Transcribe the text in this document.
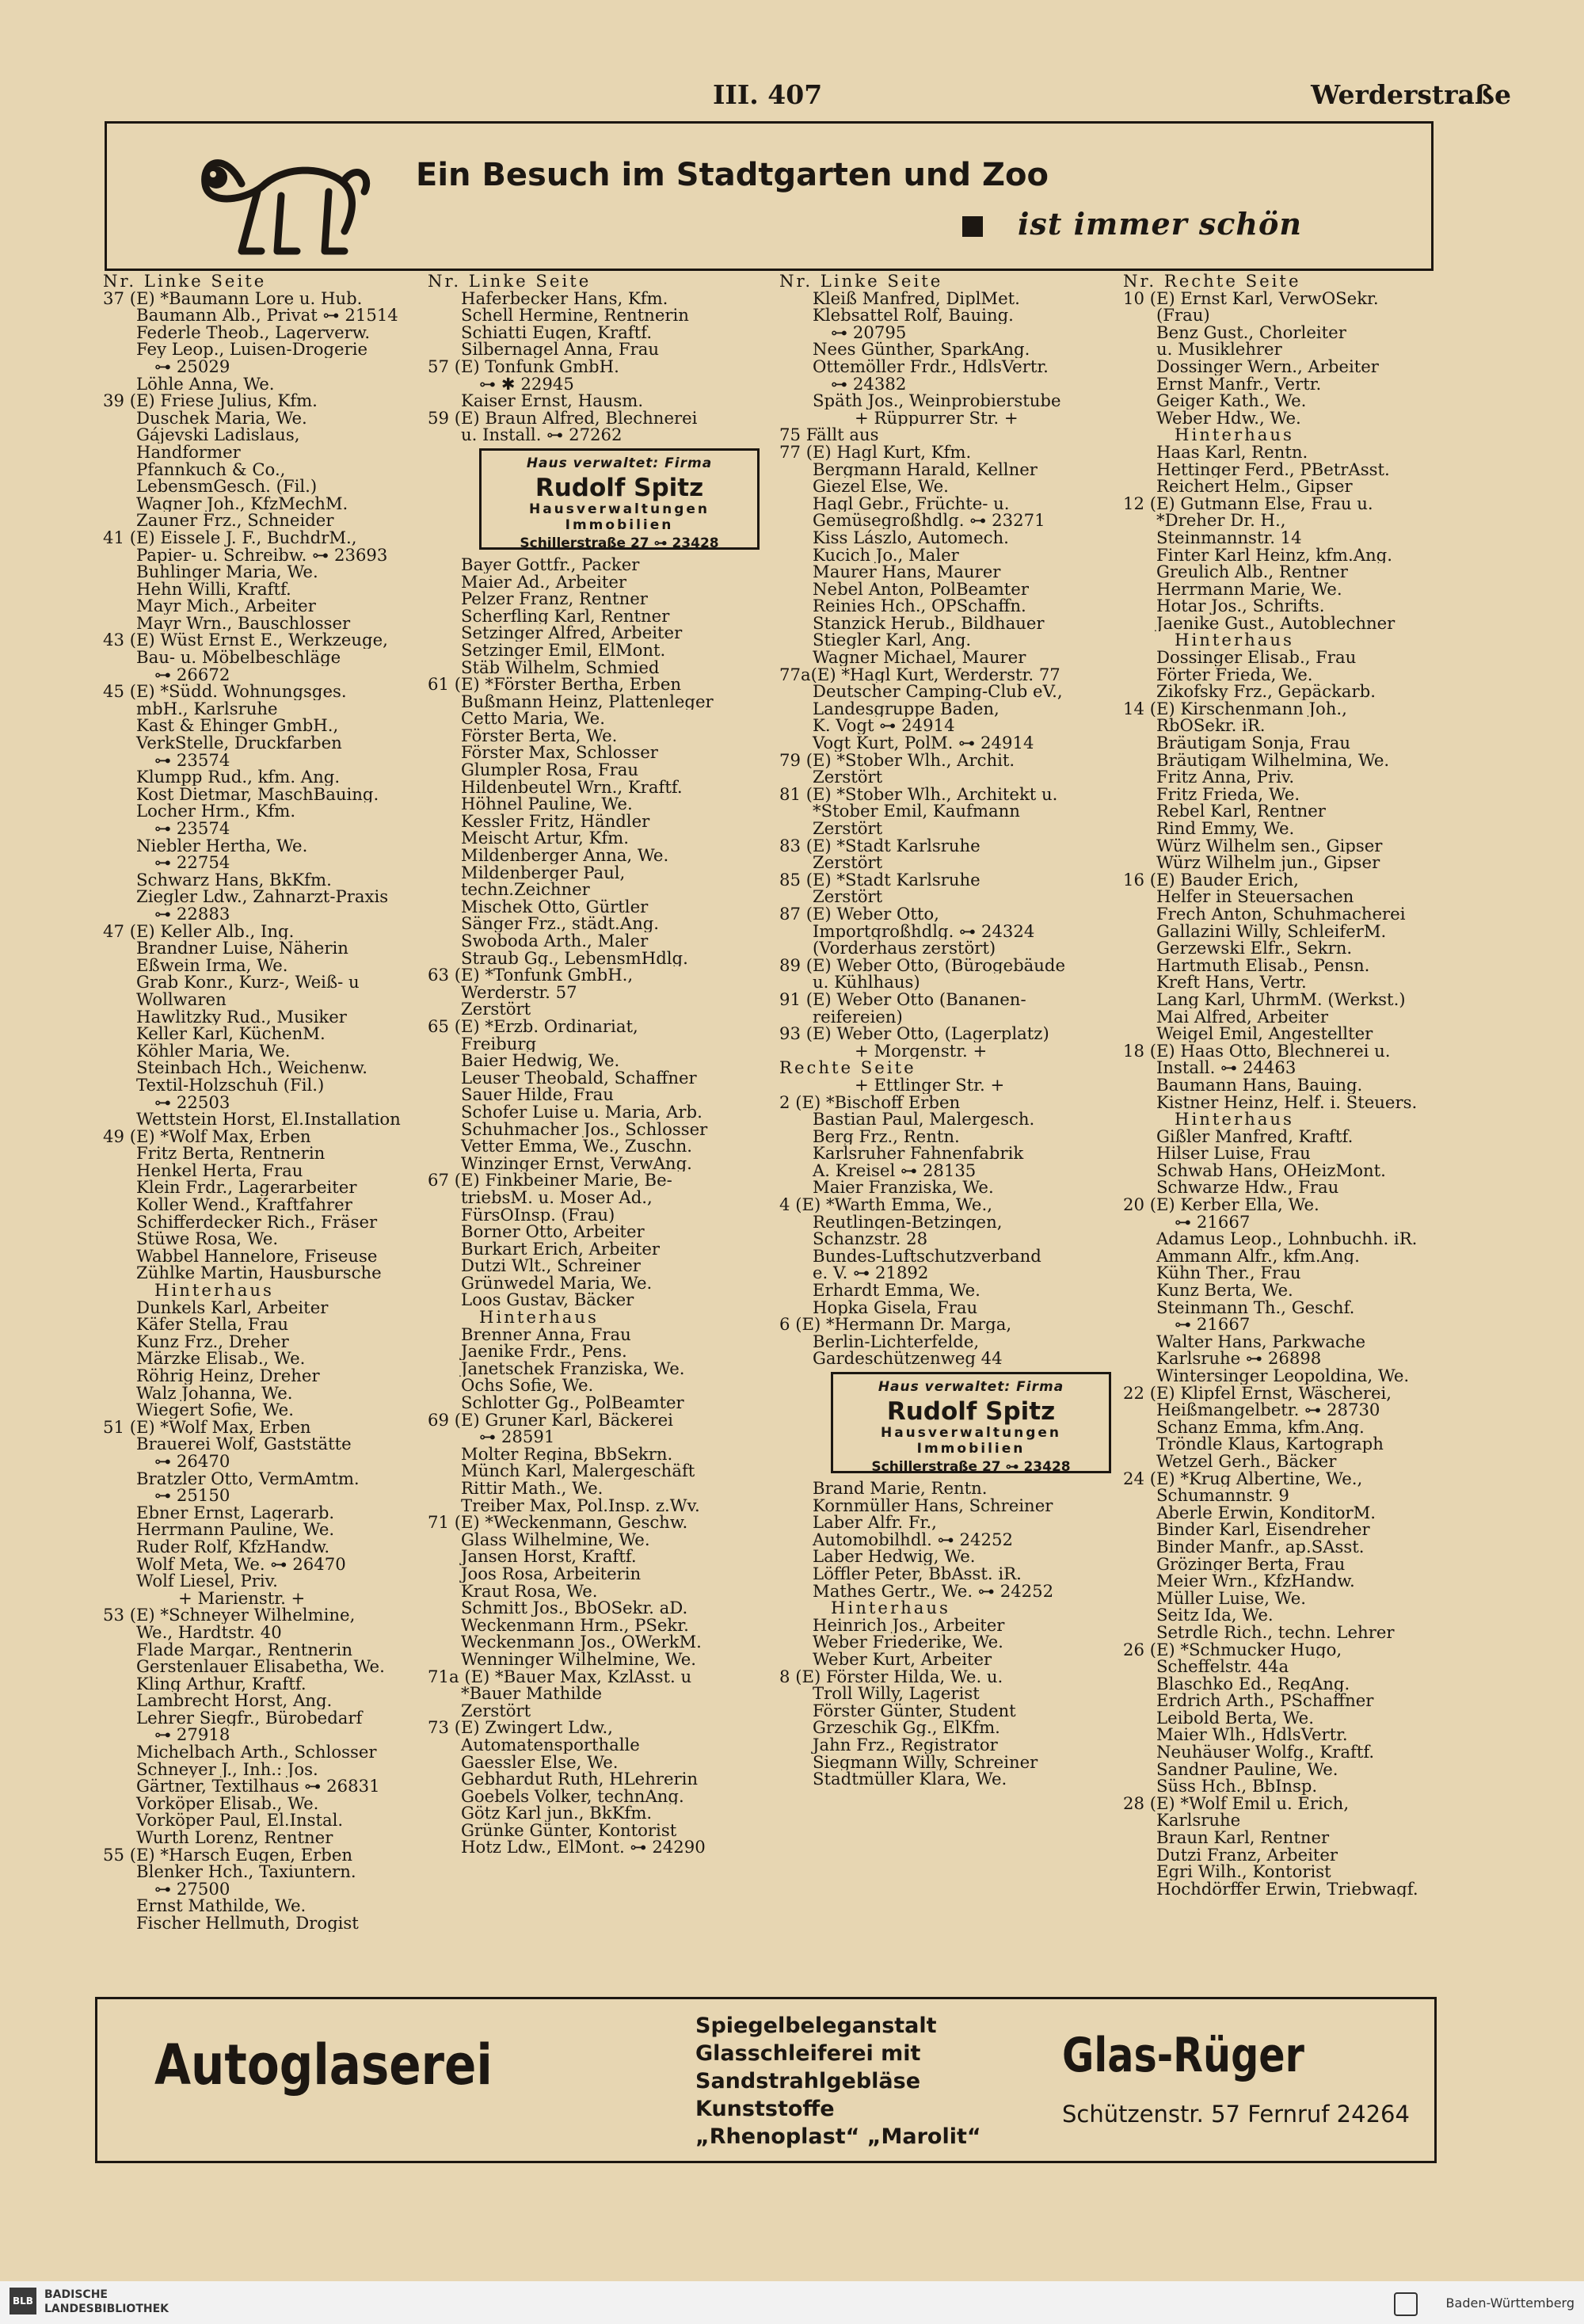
III. 407	Werderstraße
Ein Besuch im Stadtgarten und Zoo
ist immer schön
Nr. Linke Seite
37 (E) *Baumann Lore u. Hub.
Baumann Alb., Privat ⊶ 21514
Federle Theob., Lagerverw.
Fey Leop., Luisen-Drogerie
⊶ 25029
Löhle Anna, We.
39 (E) Friese Julius, Kfm.
Duschek Maria, We.
Gájevski Ladislaus,
Handformer
Pfannkuch & Co.,
LebensmGesch. (Fil.)
Wagner Joh., KfzMechM.
Zauner Frz., Schneider
41 (E) Eissele J. F., BuchdrM.,
Papier- u. Schreibw. ⊶ 23693
Buhlinger Maria, We.
Hehn Willi, Kraftf.
Mayr Mich., Arbeiter
Mayr Wrn., Bauschlosser
43 (E) Wüst Ernst E., Werkzeuge,
Bau- u. Möbelbeschläge
⊶ 26672
45 (E) *Südd. Wohnungsges.
mbH., Karlsruhe
Kast & Ehinger GmbH.,
VerkStelle, Druckfarben
⊶ 23574
Klumpp Rud., kfm. Ang.
Kost Dietmar, MaschBauing.
Locher Hrm., Kfm.
⊶ 23574
Niebler Hertha, We.
⊶ 22754
Schwarz Hans, BkKfm.
Ziegler Ldw., Zahnarzt-Praxis
⊶ 22883
47 (E) Keller Alb., Ing.
Brandner Luise, Näherin
Eßwein Irma, We.
Grab Konr., Kurz-, Weiß- u
Wollwaren
Hawlitzky Rud., Musiker
Keller Karl, KüchenM.
Köhler Maria, We.
Steinbach Hch., Weichenw.
Textil-Holzschuh (Fil.)
⊶ 22503
Wettstein Horst, El.Installation
49 (E) *Wolf Max, Erben
Fritz Berta, Rentnerin
Henkel Herta, Frau
Klein Frdr., Lagerarbeiter
Koller Wend., Kraftfahrer
Schifferdecker Rich., Fräser
Stüwe Rosa, We.
Wabbel Hannelore, Friseuse
Zühlke Martin, Hausbursche
Hinterhaus
Dunkels Karl, Arbeiter
Käfer Stella, Frau
Kunz Frz., Dreher
Märzke Elisab., We.
Röhrig Heinz, Dreher
Walz Johanna, We.
Wiegert Sofie, We.
51 (E) *Wolf Max, Erben
Brauerei Wolf, Gaststätte
⊶ 26470
Bratzler Otto, VermAmtm.
⊶ 25150
Ebner Ernst, Lagerarb.
Herrmann Pauline, We.
Ruder Rolf, KfzHandw.
Wolf Meta, We. ⊶ 26470
Wolf Liesel, Priv.
+ Marienstr. +
53 (E) *Schneyer Wilhelmine,
We., Hardtstr. 40
Flade Margar., Rentnerin
Gerstenlauer Elisabetha, We.
Kling Arthur, Kraftf.
Lambrecht Horst, Ang.
Lehrer Siegfr., Bürobedarf
⊶ 27918
Michelbach Arth., Schlosser
Schneyer J., Inh.: Jos.
Gärtner, Textilhaus ⊶ 26831
Vorköper Elisab., We.
Vorköper Paul, El.Instal.
Wurth Lorenz, Rentner
55 (E) *Harsch Eugen, Erben
Blenker Hch., Taxiuntern.
⊶ 27500
Ernst Mathilde, We.
Fischer Hellmuth, Drogist
Nr. Linke Seite
Haferbecker Hans, Kfm.
Schell Hermine, Rentnerin
Schiatti Eugen, Kraftf.
Silbernagel Anna, Frau
57 (E) Tonfunk GmbH.
⊶ ✱ 22945
Kaiser Ernst, Hausm.
59 (E) Braun Alfred, Blechnerei
u. Install. ⊶ 27262
Haus verwaltet: Firma
Rudolf Spitz
Hausverwaltungen
Immobilien
Schillerstraße 27 ⊶ 23428
Bayer Gottfr., Packer
Maier Ad., Arbeiter
Pelzer Franz, Rentner
Scherfling Karl, Rentner
Setzinger Alfred, Arbeiter
Setzinger Emil, ElMont.
Stäb Wilhelm, Schmied
61 (E) *Förster Bertha, Erben
Bußmann Heinz, Plattenleger
Cetto Maria, We.
Förster Berta, We.
Förster Max, Schlosser
Glumpler Rosa, Frau
Hildenbeutel Wrn., Kraftf.
Höhnel Pauline, We.
Kessler Fritz, Händler
Meischt Artur, Kfm.
Mildenberger Anna, We.
Mildenberger Paul,
techn.Zeichner
Mischek Otto, Gürtler
Sänger Frz., städt.Ang.
Swoboda Arth., Maler
Straub Gg., LebensmHdlg.
63 (E) *Tonfunk GmbH.,
Werderstr. 57
Zerstört
65 (E) *Erzb. Ordinariat,
Freiburg
Baier Hedwig, We.
Leuser Theobald, Schaffner
Sauer Hilde, Frau
Schofer Luise u. Maria, Arb.
Schuhmacher Jos., Schlosser
Vetter Emma, We., Zuschn.
Winzinger Ernst, VerwAng.
67 (E) Finkbeiner Marie, Be-
triebsM. u. Moser Ad.,
FürsOInsp. (Frau)
Borner Otto, Arbeiter
Burkart Erich, Arbeiter
Dutzi Wlt., Schreiner
Grünwedel Maria, We.
Loos Gustav, Bäcker
Hinterhaus
Brenner Anna, Frau
Jaenike Frdr., Pens.
Janetschek Franziska, We.
Ochs Sofie, We.
Schlotter Gg., PolBeamter
69 (E) Gruner Karl, Bäckerei
⊶ 28591
Molter Regina, BbSekrn.
Münch Karl, Malergeschäft
Rittir Math., We.
Treiber Max, Pol.Insp. z.Wv.
71 (E) *Weckenmann, Geschw.
Glass Wilhelmine, We.
Jansen Horst, Kraftf.
Joos Rosa, Arbeiterin
Kraut Rosa, We.
Schmitt Jos., BbOSekr. aD.
Weckenmann Hrm., PSekr.
Weckenmann Jos., OWerkM.
Wenninger Wilhelmine, We.
71a (E) *Bauer Max, KzlAsst. u
*Bauer Mathilde
Zerstört
73 (E) Zwingert Ldw.,
Automatensporthalle
Gaessler Else, We.
Gebhardut Ruth, HLehrerin
Goebels Volker, technAng.
Götz Karl jun., BkKfm.
Grünke Günter, Kontorist
Hotz Ldw., ElMont. ⊶ 24290
Nr. Linke Seite
Kleiß Manfred, DiplMet.
Klebsattel Rolf, Bauing.
⊶ 20795
Nees Günther, SparkAng.
Ottemöller Frdr., HdlsVertr.
⊶ 24382
Späth Jos., Weinprobierstube
+ Rüppurrer Str. +
75 Fällt aus
77 (E) Hagl Kurt, Kfm.
Bergmann Harald, Kellner
Giezel Else, We.
Hagl Gebr., Früchte- u.
Gemüsegroßhdlg. ⊶ 23271
Kiss Lászlo, Automech.
Kucich Jo., Maler
Maurer Hans, Maurer
Nebel Anton, PolBeamter
Reinies Hch., OPSchaffn.
Stanzick Herub., Bildhauer
Stiegler Karl, Ang.
Wagner Michael, Maurer
77a(E) *Hagl Kurt, Werderstr. 77
Deutscher Camping-Club eV.,
Landesgruppe Baden,
K. Vogt ⊶ 24914
Vogt Kurt, PolM. ⊶ 24914
79 (E) *Stober Wlh., Archit.
Zerstört
81 (E) *Stober Wlh., Architekt u.
*Stober Emil, Kaufmann
Zerstört
83 (E) *Stadt Karlsruhe
Zerstört
85 (E) *Stadt Karlsruhe
Zerstört
87 (E) Weber Otto,
Importgroßhdlg. ⊶ 24324
(Vorderhaus zerstört)
89 (E) Weber Otto, (Bürogebäude
u. Kühlhaus)
91 (E) Weber Otto (Bananen-
reifereien)
93 (E) Weber Otto, (Lagerplatz)
+ Morgenstr. +
Rechte Seite
+ Ettlinger Str. +
2 (E) *Bischoff Erben
Bastian Paul, Malergesch.
Berg Frz., Rentn.
Karlsruher Fahnenfabrik
A. Kreisel ⊶ 28135
Maier Franziska, We.
4 (E) *Warth Emma, We.,
Reutlingen-Betzingen,
Schanzstr. 28
Bundes-Luftschutzverband
e. V. ⊶ 21892
Erhardt Emma, We.
Hopka Gisela, Frau
6 (E) *Hermann Dr. Marga,
Berlin-Lichterfelde,
Gardeschützenweg 44
Haus verwaltet: Firma
Rudolf Spitz
Hausverwaltungen
Immobilien
Schillerstraße 27 ⊶ 23428
Brand Marie, Rentn.
Kornmüller Hans, Schreiner
Laber Alfr. Fr.,
Automobilhdl. ⊶ 24252
Laber Hedwig, We.
Löffler Peter, BbAsst. iR.
Mathes Gertr., We. ⊶ 24252
Hinterhaus
Heinrich Jos., Arbeiter
Weber Friederike, We.
Weber Kurt, Arbeiter
8 (E) Förster Hilda, We. u.
Troll Willy, Lagerist
Förster Günter, Student
Grzeschik Gg., ElKfm.
Jahn Frz., Registrator
Siegmann Willy, Schreiner
Stadtmüller Klara, We.
Nr. Rechte Seite
10 (E) Ernst Karl, VerwOSekr.
(Frau)
Benz Gust., Chorleiter
u. Musiklehrer
Dossinger Wern., Arbeiter
Ernst Manfr., Vertr.
Geiger Kath., We.
Weber Hdw., We.
Hinterhaus
Haas Karl, Rentn.
Hettinger Ferd., PBetrAsst.
Reichert Helm., Gipser
12 (E) Gutmann Else, Frau u.
*Dreher Dr. H.,
Steinmannstr. 14
Finter Karl Heinz, kfm.Ang.
Greulich Alb., Rentner
Herrmann Marie, We.
Hotar Jos., Schrifts.
Jaenike Gust., Autoblechner
Hinterhaus
Dossinger Elisab., Frau
Förter Frieda, We.
Zikofsky Frz., Gepäckarb.
14 (E) Kirschenmann Joh.,
RbOSekr. iR.
Bräutigam Sonja, Frau
Bräutigam Wilhelmina, We.
Fritz Anna, Priv.
Fritz Frieda, We.
Rebel Karl, Rentner
Rind Emmy, We.
Würz Wilhelm sen., Gipser
Würz Wilhelm jun., Gipser
16 (E) Bauder Erich,
Helfer in Steuersachen
Frech Anton, Schuhmacherei
Gallazini Willy, SchleiferM.
Gerzewski Elfr., Sekrn.
Hartmuth Elisab., Pensn.
Kreft Hans, Vertr.
Lang Karl, UhrmM. (Werkst.)
Mai Alfred, Arbeiter
Weigel Emil, Angestellter
18 (E) Haas Otto, Blechnerei u.
Install. ⊶ 24463
Baumann Hans, Bauing.
Kistner Heinz, Helf. i. Steuers.
Hinterhaus
Gißler Manfred, Kraftf.
Hilser Luise, Frau
Schwab Hans, OHeizMont.
Schwarze Hdw., Frau
20 (E) Kerber Ella, We.
⊶ 21667
Adamus Leop., Lohnbuchh. iR.
Ammann Alfr., kfm.Ang.
Kühn Ther., Frau
Kunz Berta, We.
Steinmann Th., Geschf.
⊶ 21667
Walter Hans, Parkwache
Karlsruhe ⊶ 26898
Wintersinger Leopoldina, We.
22 (E) Klipfel Ernst, Wäscherei,
Heißmangelbetr. ⊶ 28730
Schanz Emma, kfm.Ang.
Tröndle Klaus, Kartograph
Wetzel Gerh., Bäcker
24 (E) *Krug Albertine, We.,
Schumannstr. 9
Aberle Erwin, KonditorM.
Binder Karl, Eisendreher
Binder Manfr., ap.SAsst.
Grözinger Berta, Frau
Meier Wrn., KfzHandw.
Müller Luise, We.
Seitz Ida, We.
Setrdle Rich., techn. Lehrer
26 (E) *Schmucker Hugo,
Scheffelstr. 44a
Blaschko Ed., RegAng.
Erdrich Arth., PSchaffner
Leibold Berta, We.
Maier Wlh., HdlsVertr.
Neuhäuser Wolfg., Kraftf.
Sandner Pauline, We.
Süss Hch., BbInsp.
28 (E) *Wolf Emil u. Erich,
Karlsruhe
Braun Karl, Rentner
Dutzi Franz, Arbeiter
Egri Wilh., Kontorist
Hochdörffer Erwin, Triebwagf.
Autoglaserei
Spiegelbeleganstalt
Glasschleiferei mit
Sandstrahlgebläse
Kunststoffe
„Rhenoplast“ „Marolit“
Glas-Rüger
Schützenstr. 57 Fernruf 24264
BLB BADISCHE
LANDESBIBLIOTHEK	Baden-Württemberg
